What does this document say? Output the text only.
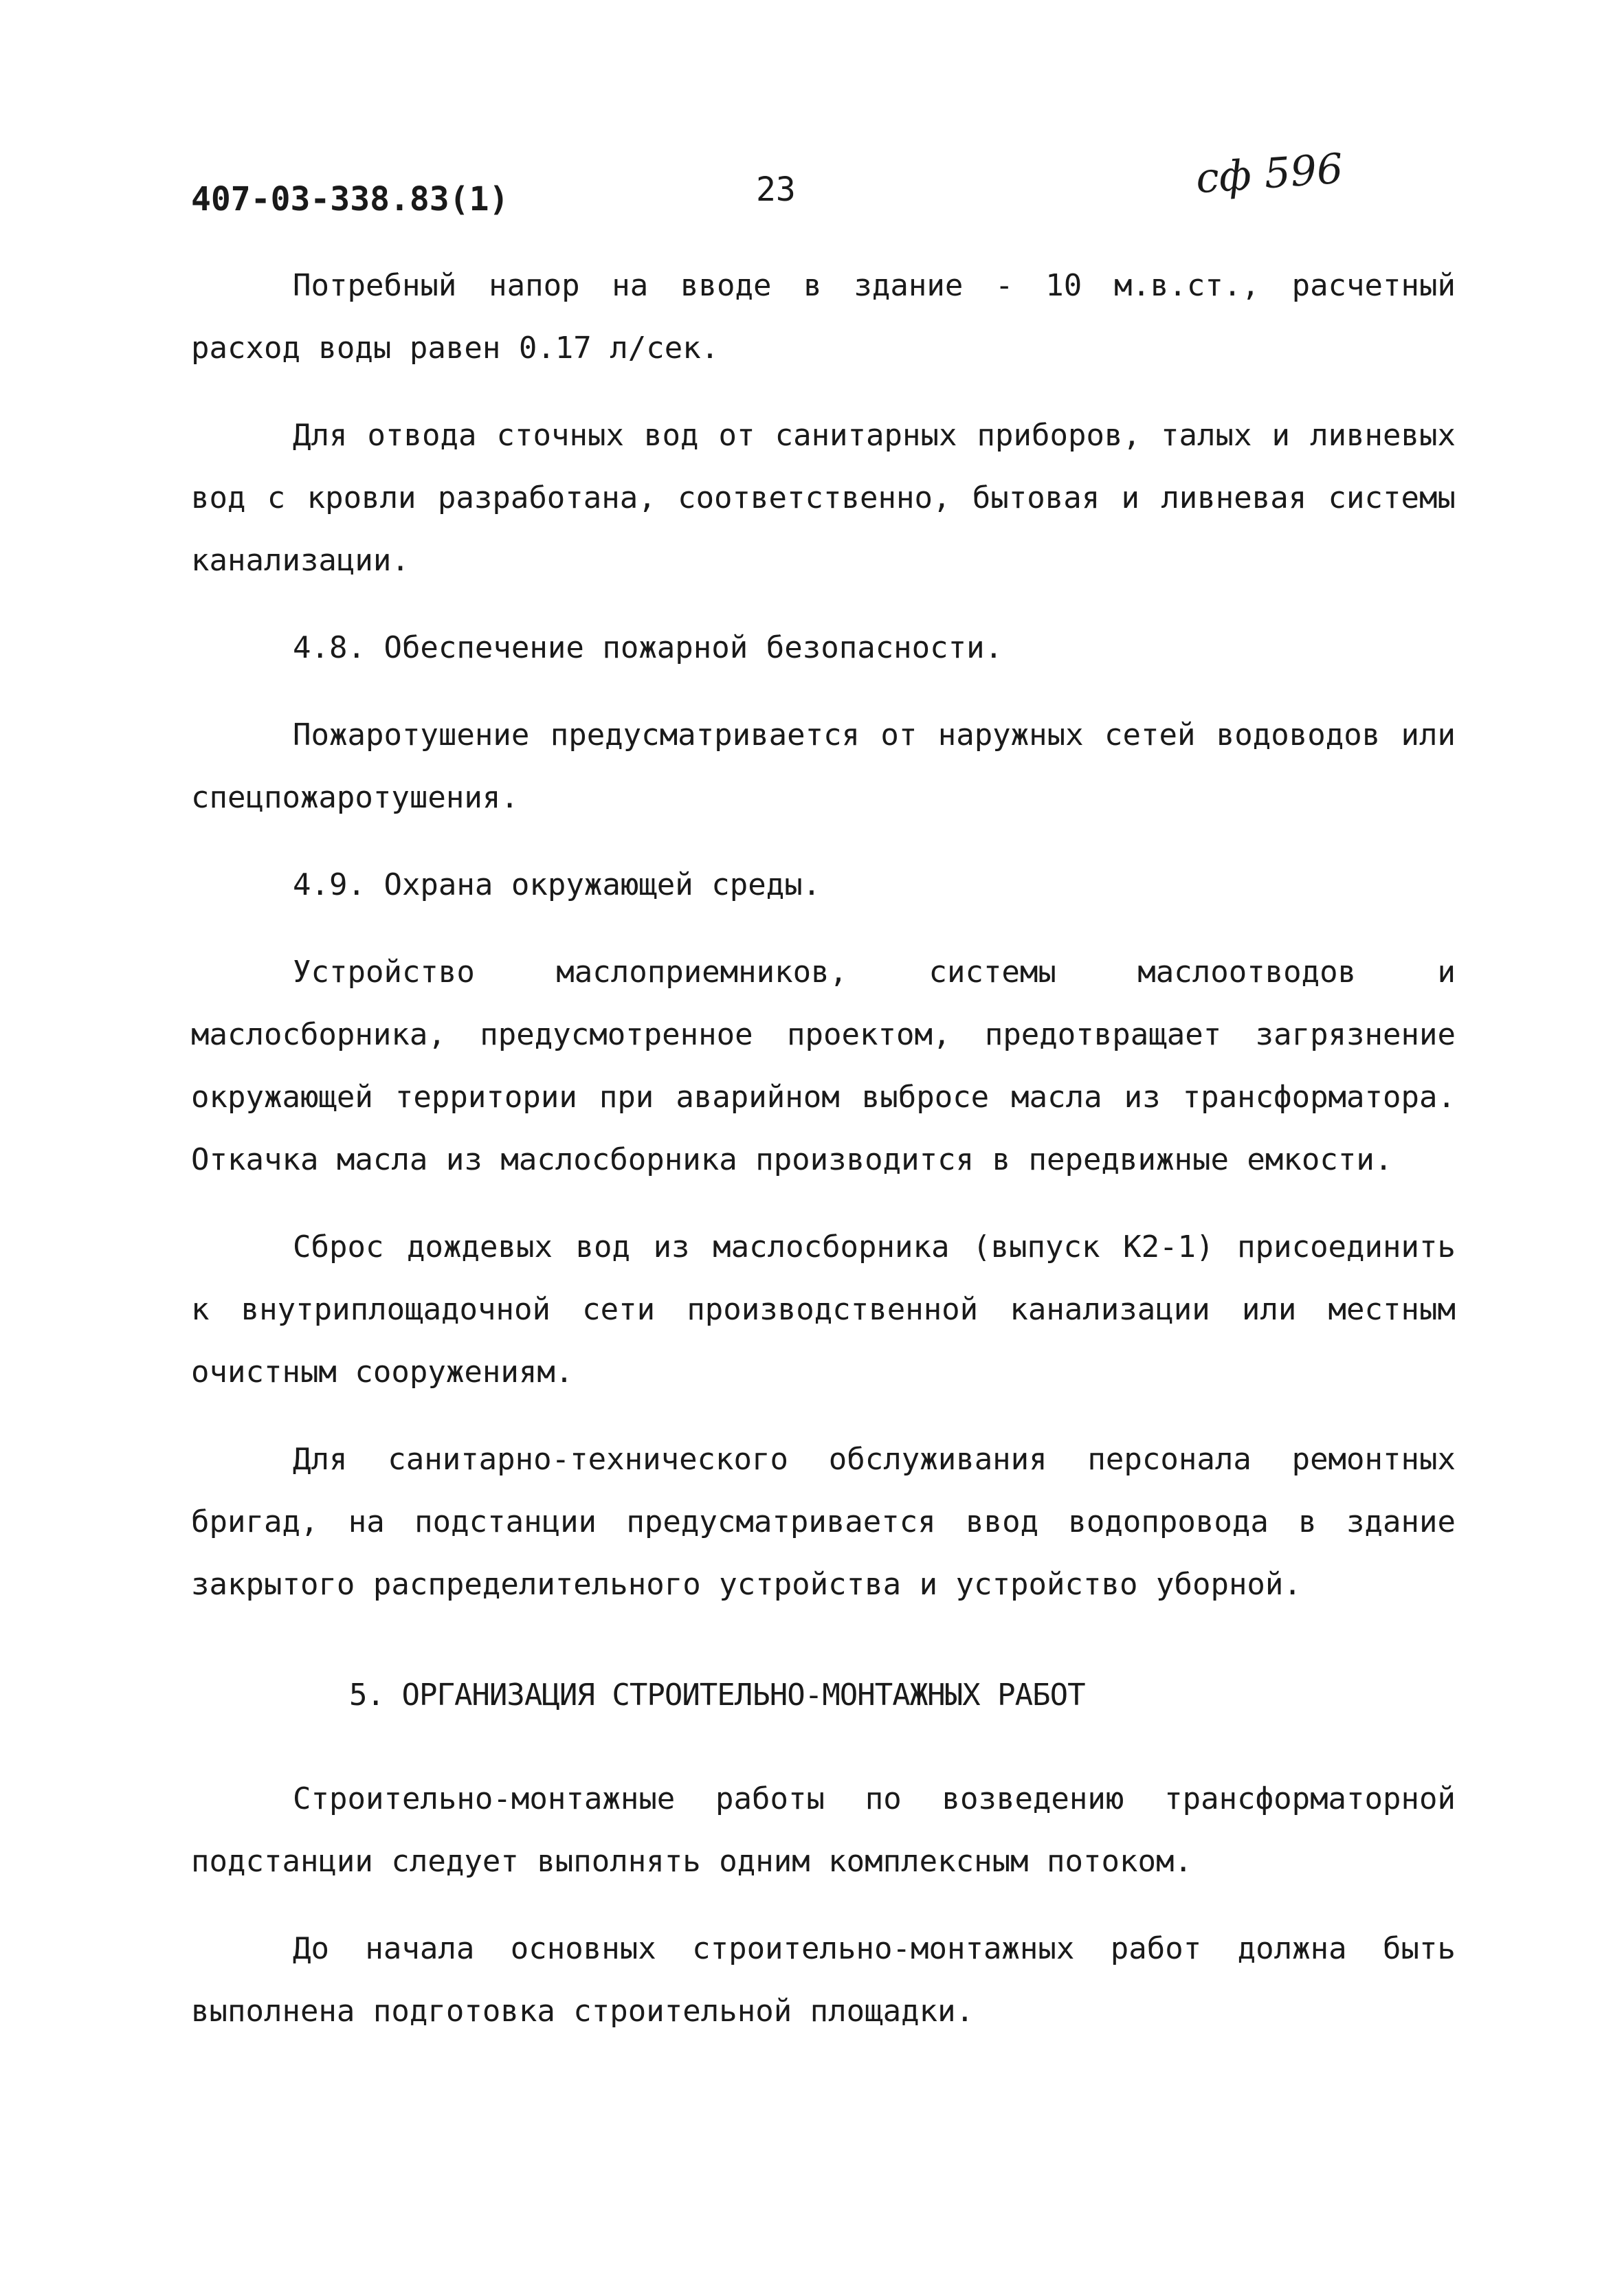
407-03-338.83(1)	23	сф 596

Потребный напор на вводе в здание - 10 м.в.ст., расчетный расход воды равен 0.17 л/сек.

Для отвода сточных вод от санитарных приборов, талых и ливневых вод с кровли разработана, соответственно, бытовая и ливневая системы канализации.

4.8. Обеспечение пожарной безопасности.

Пожаротушение предусматривается от наружных сетей водоводов или спецпожаротушения.

4.9. Охрана окружающей среды.

Устройство маслоприемников, системы маслоотводов и маслосборника, предусмотренное проектом, предотвращает загрязнение окружающей территории при аварийном выбросе масла из трансформатора. Откачка масла из маслосборника производится в передвижные емкости.

Сброс дождевых вод из маслосборника (выпуск К2-1) присоединить к внутриплощадочной сети производственной канализации или местным очистным сооружениям.

Для санитарно-технического обслуживания персонала ремонтных бригад, на подстанции предусматривается ввод водопровода в здание закрытого распределительного устройства и устройство уборной.

5. ОРГАНИЗАЦИЯ СТРОИТЕЛЬНО-МОНТАЖНЫХ РАБОТ

Строительно-монтажные работы по возведению трансформаторной подстанции следует выполнять одним комплексным потоком.

До начала основных строительно-монтажных работ должна быть выполнена подготовка строительной площадки.
